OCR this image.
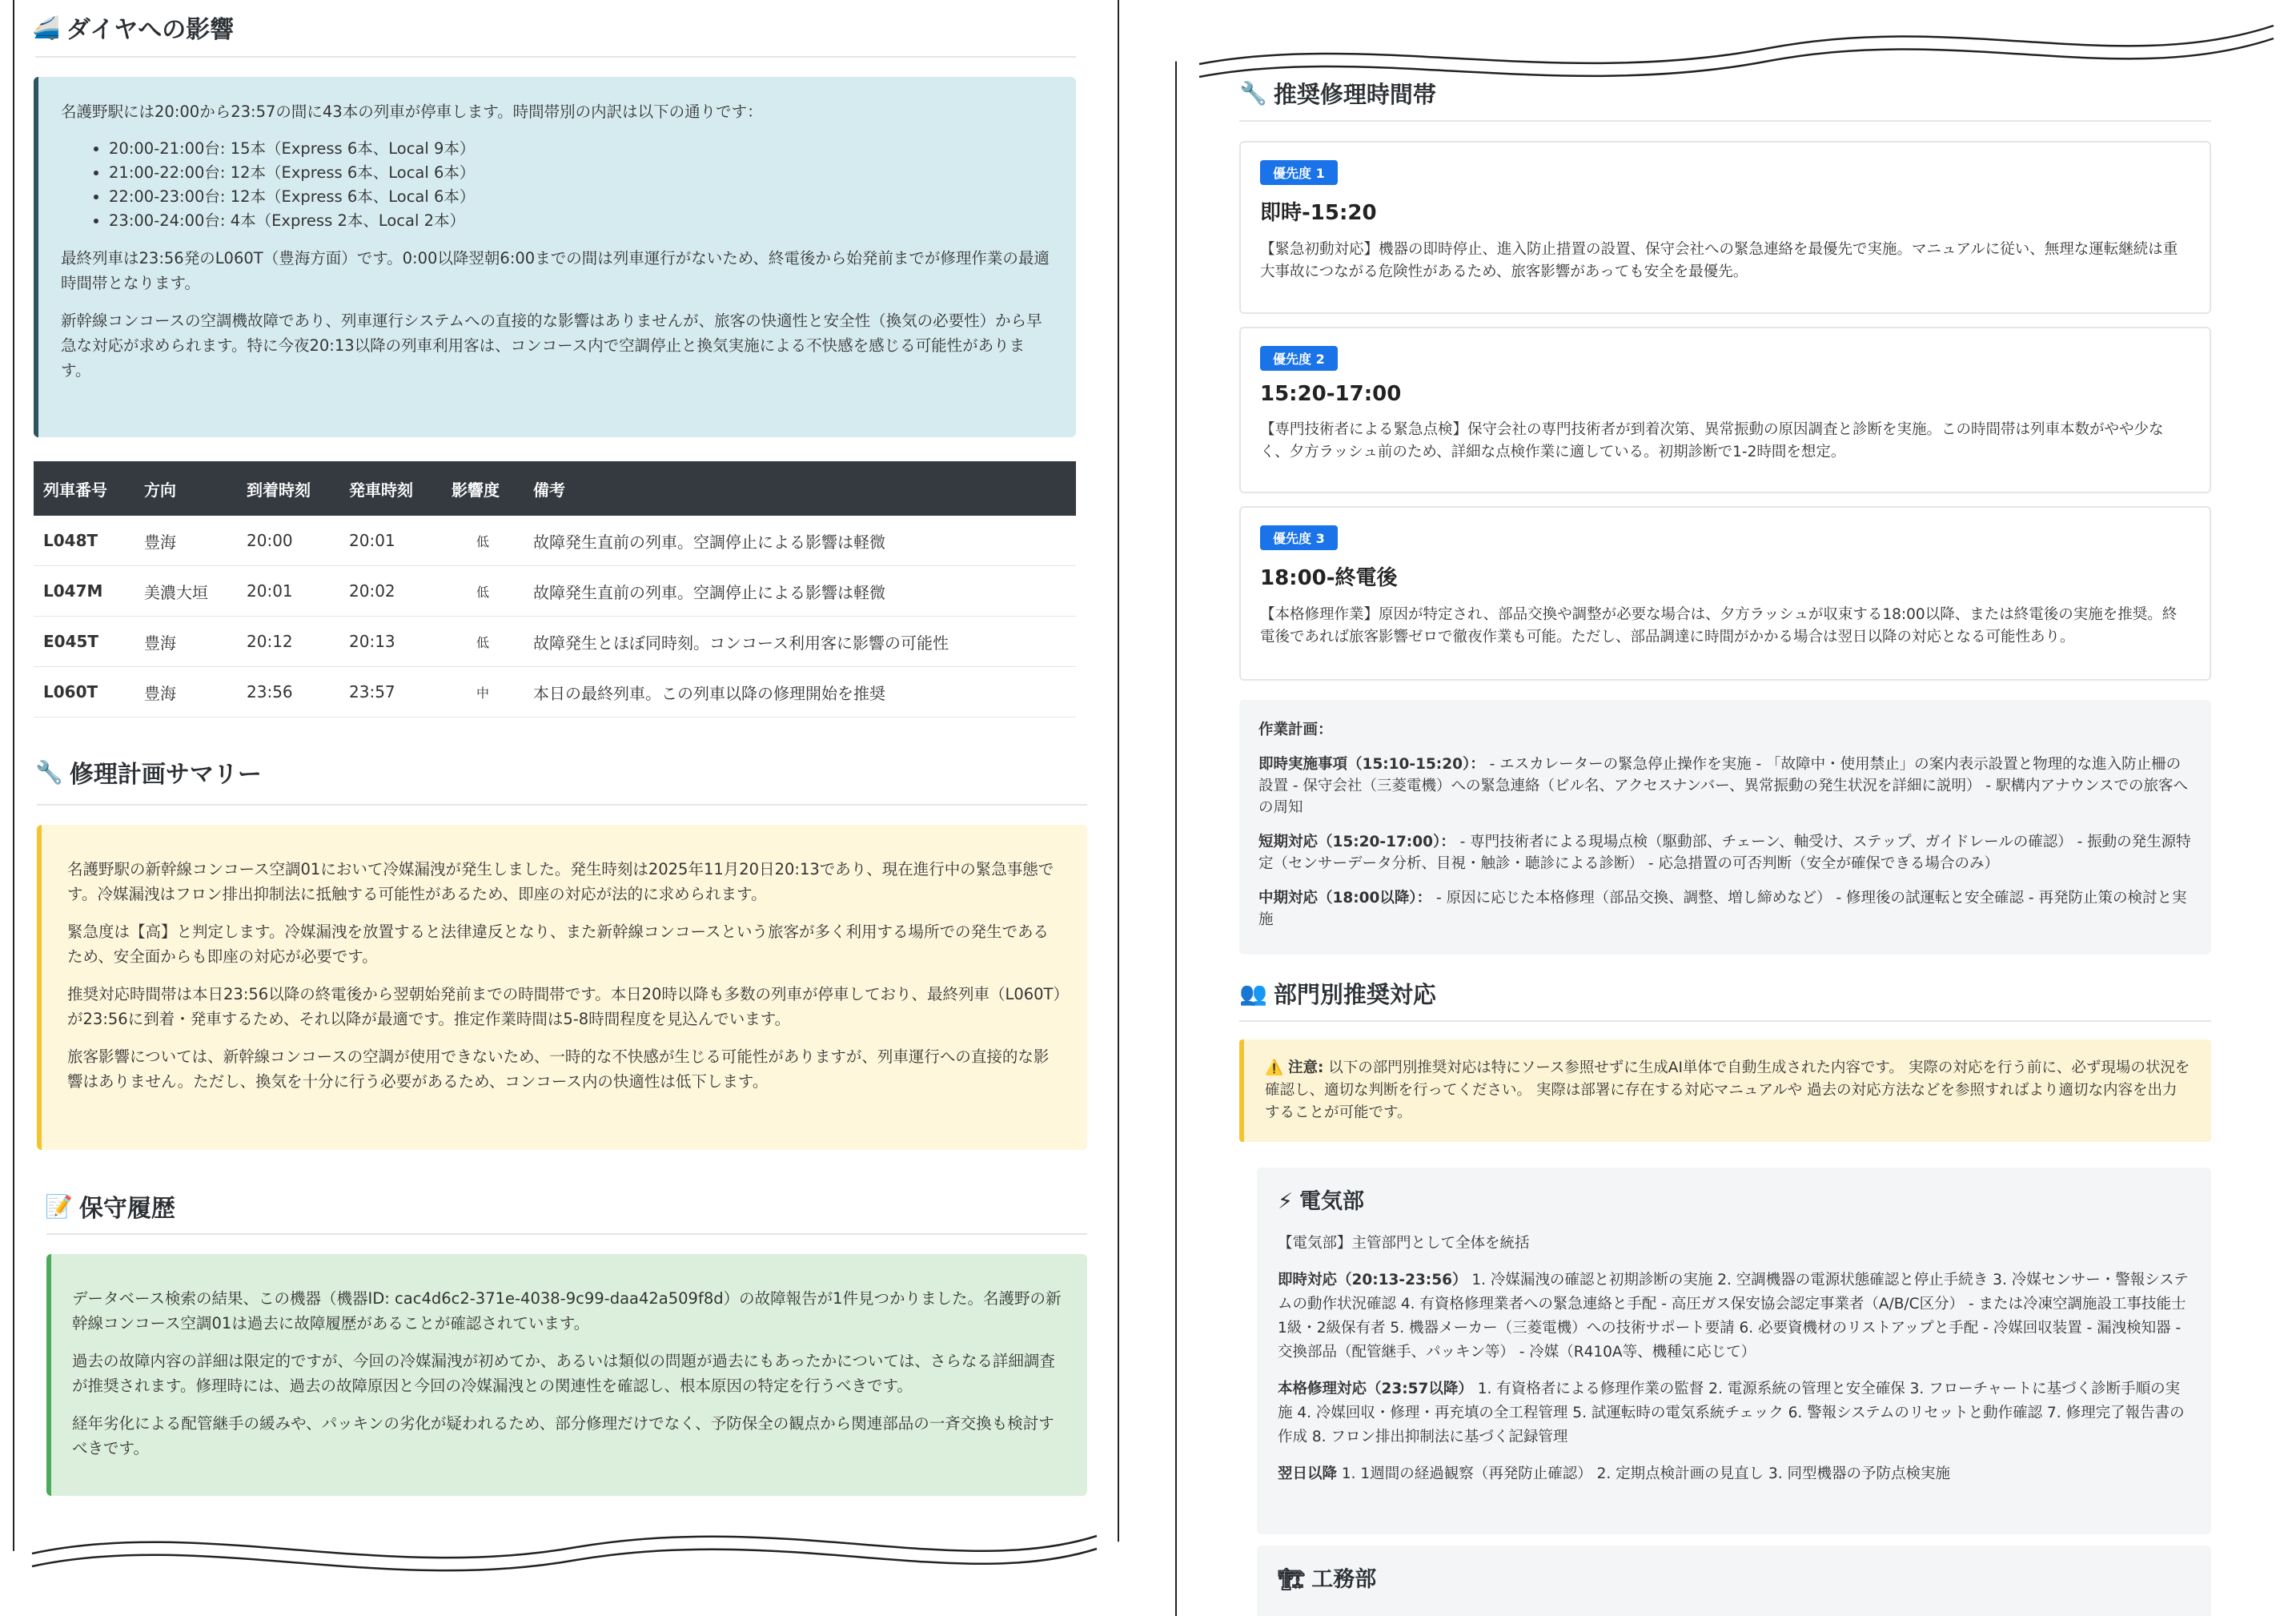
🚄 ダイヤへの影響

名護野駅には20:00から23:57の間に43本の列車が停車します。時間帯別の内訳は以下の通りです：

• 20:00-21:00台: 15本（Express 6本、Local 9本）
• 21:00-22:00台: 12本（Express 6本、Local 6本）
• 22:00-23:00台: 12本（Express 6本、Local 6本）
• 23:00-24:00台: 4本（Express 2本、Local 2本）

最終列車は23:56発のL060T（豊海方面）です。0:00以降翌朝6:00までの間は列車運行がないため、終電後から始発前までが修理作業の最適時間帯となります。

新幹線コンコースの空調機故障であり、列車運行システムへの直接的な影響はありませんが、旅客の快適性と安全性（換気の必要性）から早急な対応が求められます。特に今夜20:13以降の列車利用客は、コンコース内で空調停止と換気実施による不快感を感じる可能性があります。

列車番号	方向	到着時刻	発車時刻	影響度	備考
L048T	豊海	20:00	20:01	低	故障発生直前の列車。空調停止による影響は軽微
L047M	美濃大垣	20:01	20:02	低	故障発生直前の列車。空調停止による影響は軽微
E045T	豊海	20:12	20:13	低	故障発生とほぼ同時刻。コンコース利用客に影響の可能性
L060T	豊海	23:56	23:57	中	本日の最終列車。この列車以降の修理開始を推奨
🔧 修理計画サマリー

名護野駅の新幹線コンコース空調01において冷媒漏洩が発生しました。発生時刻は2025年11月20日20:13であり、現在進行中の緊急事態です。冷媒漏洩はフロン排出抑制法に抵触する可能性があるため、即座の対応が法的に求められます。

緊急度は【高】と判定します。冷媒漏洩を放置すると法律違反となり、また新幹線コンコースという旅客が多く利用する場所での発生であるため、安全面からも即座の対応が必要です。

推奨対応時間帯は本日23:56以降の終電後から翌朝始発前までの時間帯です。本日20時以降も多数の列車が停車しており、最終列車（L060T）が23:56に到着・発車するため、それ以降が最適です。推定作業時間は5-8時間程度を見込んでいます。

旅客影響については、新幹線コンコースの空調が使用できないため、一時的な不快感が生じる可能性がありますが、列車運行への直接的な影響はありません。ただし、換気を十分に行う必要があるため、コンコース内の快適性は低下します。

📝 保守履歴

データベース検索の結果、この機器（機器ID: cac4d6c2-371e-4038-9c99-daa42a509f8d）の故障報告が1件見つかりました。名護野の新幹線コンコース空調01は過去に故障履歴があることが確認されています。

過去の故障内容の詳細は限定的ですが、今回の冷媒漏洩が初めてか、あるいは類似の問題が過去にもあったかについては、さらなる詳細調査が推奨されます。修理時には、過去の故障原因と今回の冷媒漏洩との関連性を確認し、根本原因の特定を行うべきです。

経年劣化による配管継手の緩みや、パッキンの劣化が疑われるため、部分修理だけでなく、予防保全の観点から関連部品の一斉交換も検討すべきです。

🔧 推奨修理時間帯
優先度 1
即時-15:20
【緊急初動対応】機器の即時停止、進入防止措置の設置、保守会社への緊急連絡を最優先で実施。マニュアルに従い、無理な運転継続は重大事故につながる危険性があるため、旅客影響があっても安全を最優先。
優先度 2
15:20-17:00
【専門技術者による緊急点検】保守会社の専門技術者が到着次第、異常振動の原因調査と診断を実施。この時間帯は列車本数がやや少なく、夕方ラッシュ前のため、詳細な点検作業に適している。初期診断で1-2時間を想定。
優先度 3
18:00-終電後
【本格修理作業】原因が特定され、部品交換や調整が必要な場合は、夕方ラッシュが収束する18:00以降、または終電後の実施を推奨。終電後であれば旅客影響ゼロで徹夜作業も可能。ただし、部品調達に時間がかかる場合は翌日以降の対応となる可能性あり。

作業計画：

即時実施事項（15:10-15:20）： - エスカレーターの緊急停止操作を実施 - 「故障中・使用禁止」の案内表示設置と物理的な進入防止柵の設置 - 保守会社（三菱電機）への緊急連絡（ビル名、アクセスナンバー、異常振動の発生状況を詳細に説明） - 駅構内アナウンスでの旅客への周知

短期対応（15:20-17:00）： - 専門技術者による現場点検（駆動部、チェーン、軸受け、ステップ、ガイドレールの確認） - 振動の発生源特定（センサーデータ分析、目視・触診・聴診による診断） - 応急措置の可否判断（安全が確保できる場合のみ）

中期対応（18:00以降）： - 原因に応じた本格修理（部品交換、調整、増し締めなど） - 修理後の試運転と安全確認 - 再発防止策の検討と実施

👥 部門別推奨対応
⚠️ 注意: 以下の部門別推奨対応は特にソース参照せずに生成AI単体で自動生成された内容です。 実際の対応を行う前に、必ず現場の状況を確認し、適切な判断を行ってください。 実際は部署に存在する対応マニュアルや 過去の対応方法などを参照すればより適切な内容を出力することが可能です。
⚡ 電気部

【電気部】主管部門として全体を統括

即時対応（20:13-23:56） 1. 冷媒漏洩の確認と初期診断の実施 2. 空調機器の電源状態確認と停止手続き 3. 冷媒センサー・警報システムの動作状況確認 4. 有資格修理業者への緊急連絡と手配 - 高圧ガス保安協会認定事業者（A/B/C区分） - または冷凍空調施設工事技能士1級・2級保有者 5. 機器メーカー（三菱電機）への技術サポート要請 6. 必要資機材のリストアップと手配 - 冷媒回収装置 - 漏洩検知器 - 交換部品（配管継手、パッキン等） - 冷媒（R410A等、機種に応じて）

本格修理対応（23:57以降） 1. 有資格者による修理作業の監督 2. 電源系統の管理と安全確保 3. フローチャートに基づく診断手順の実施 4. 冷媒回収・修理・再充填の全工程管理 5. 試運転時の電気系統チェック 6. 警報システムのリセットと動作確認 7. 修理完了報告書の作成 8. フロン排出抑制法に基づく記録管理

翌日以降 1. 1週間の経過観察（再発防止確認） 2. 定期点検計画の見直し 3. 同型機器の予防点検実施

🏗 工務部
